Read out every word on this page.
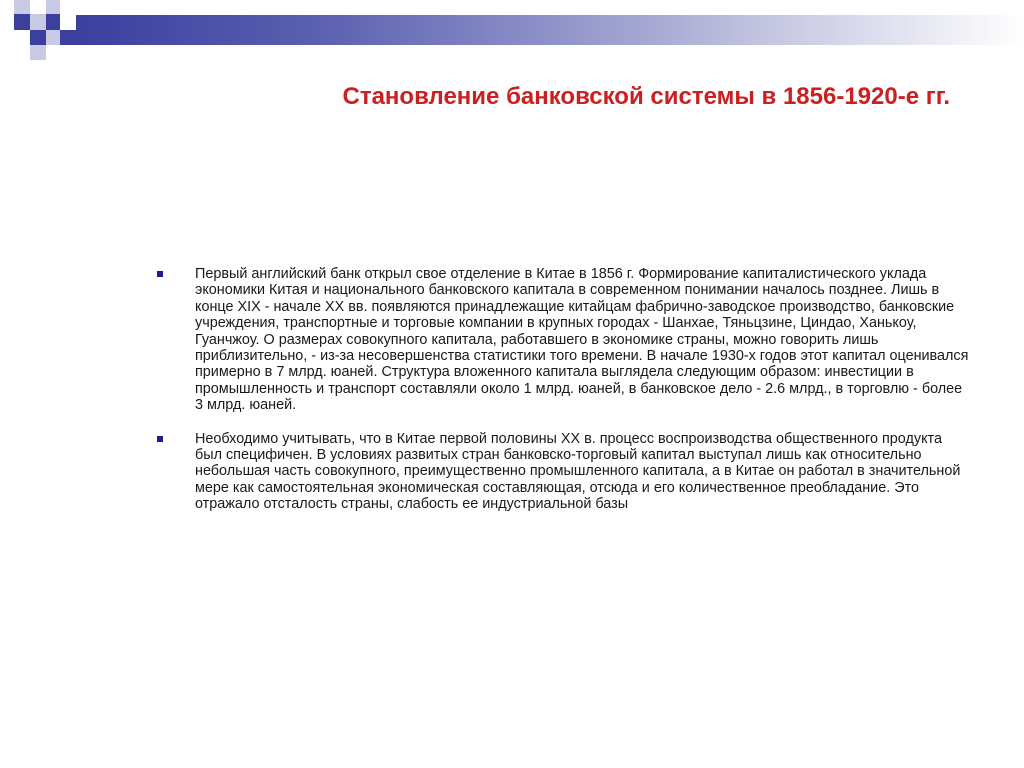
Становление банковской системы в 1856-1920-е гг.
Первый английский банк открыл свое отделение в Китае в 1856 г. Формирование капиталистического уклада экономики Китая и национального банковского капитала в современном понимании началось позднее. Лишь в конце XIX - начале XX вв. появляются принадлежащие китайцам фабрично-заводское производство, банковские учреждения, транспортные и торговые компании в крупных городах - Шанхае, Тяньцзине, Циндао, Ханькоу, Гуанчжоу. О размерах совокупного капитала, работавшего в экономике страны, можно говорить лишь приблизительно, - из-за несовершенства статистики того времени. В начале 1930-х годов этот капитал оценивался примерно в 7 млрд. юаней. Структура вложенного капитала выглядела следующим образом: инвестиции в промышленность и транспорт составляли около 1 млрд. юаней, в банковское дело - 2.6 млрд., в торговлю - более 3 млрд. юаней.
Необходимо учитывать, что в Китае первой половины XX в. процесс воспроизводства общественного продукта был специфичен. В условиях развитых стран банковско-торговый капитал выступал лишь как относительно небольшая часть совокупного, преимущественно промышленного капитала, а в Китае он работал в значительной мере как самостоятельная экономическая составляющая, отсюда и его количественное преобладание. Это отражало отсталость страны, слабость ее индустриальной базы
